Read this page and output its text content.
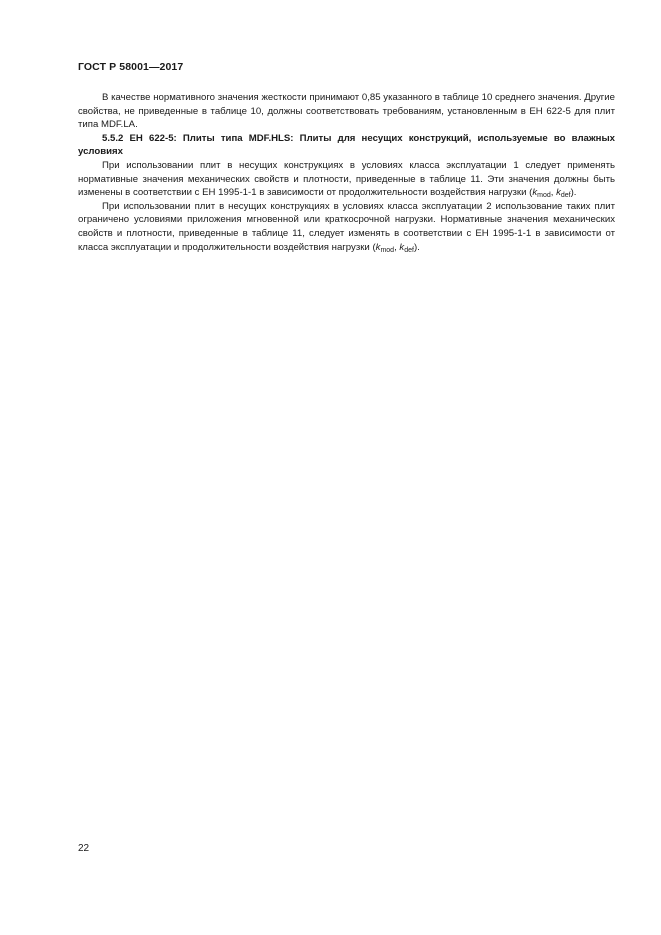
ГОСТ Р 58001—2017

В качестве нормативного значения жесткости принимают 0,85 указанного в таблице 10 среднего значения. Другие свойства, не приведенные в таблице 10, должны соответствовать требованиям, установленным в ЕН 622-5 для плит типа MDF.LA.

5.5.2 ЕН 622-5: Плиты типа MDF.HLS: Плиты для несущих конструкций, используемые во влажных условиях

При использовании плит в несущих конструкциях в условиях класса эксплуатации 1 следует применять нормативные значения механических свойств и плотности, приведенные в таблице 11. Эти значения должны быть изменены в соответствии с ЕН 1995-1-1 в зависимости от продолжительности воздействия нагрузки ($k_{mod}$, $k_{def}$).

При использовании плит в несущих конструкциях в условиях класса эксплуатации 2 использование таких плит ограничено условиями приложения мгновенной или краткосрочной нагрузки. Нормативные значения механических свойств и плотности, приведенные в таблице 11, следует изменять в соответствии с ЕН 1995-1-1 в зависимости от класса эксплуатации и продолжительности воздействия нагрузки ($k_{mod}$, $k_{def}$).

22
